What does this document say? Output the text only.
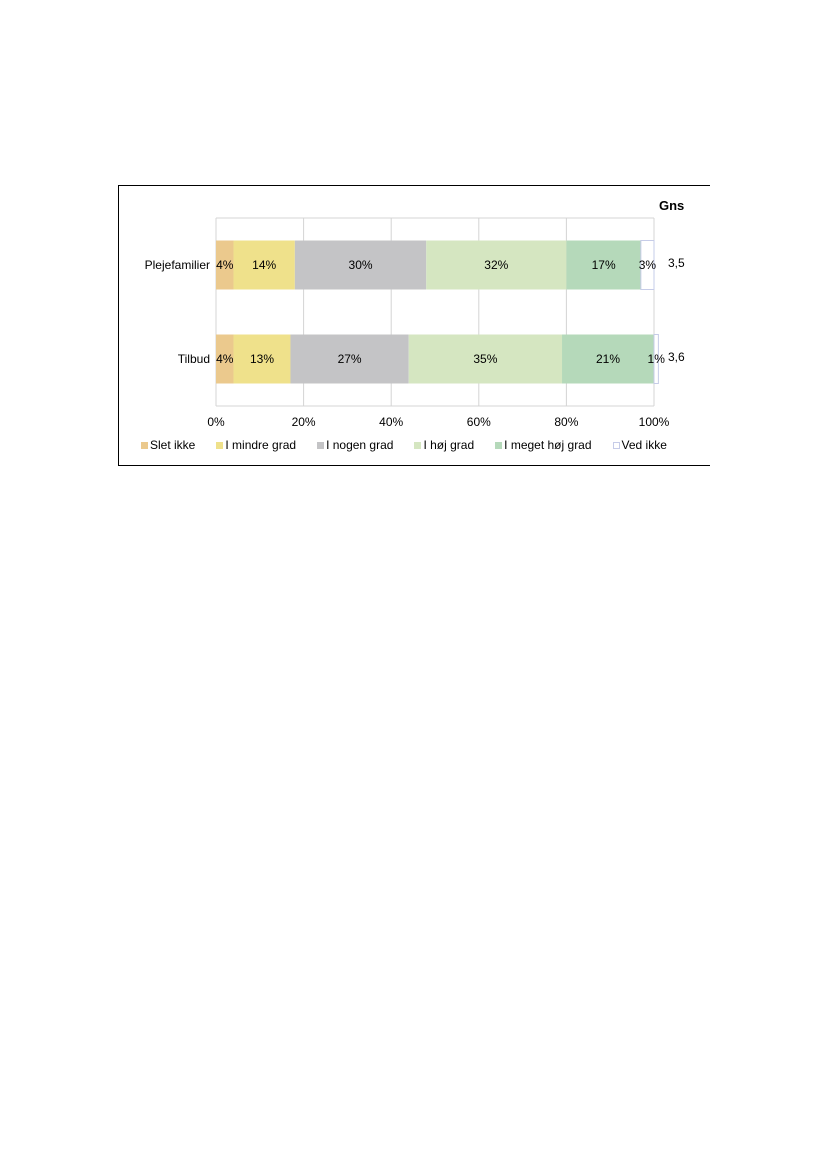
4% 14%	30%	32%	17% 3%
Plejefamilier	3,5
4% 13%	27%	35%	21% 1%
Tilbud	3,6
0%	20%	40%	60%	80%	100%
Gns
Slet ikke	I mindre grad	I nogen grad	I høj grad	I meget høj grad	Ved ikke
